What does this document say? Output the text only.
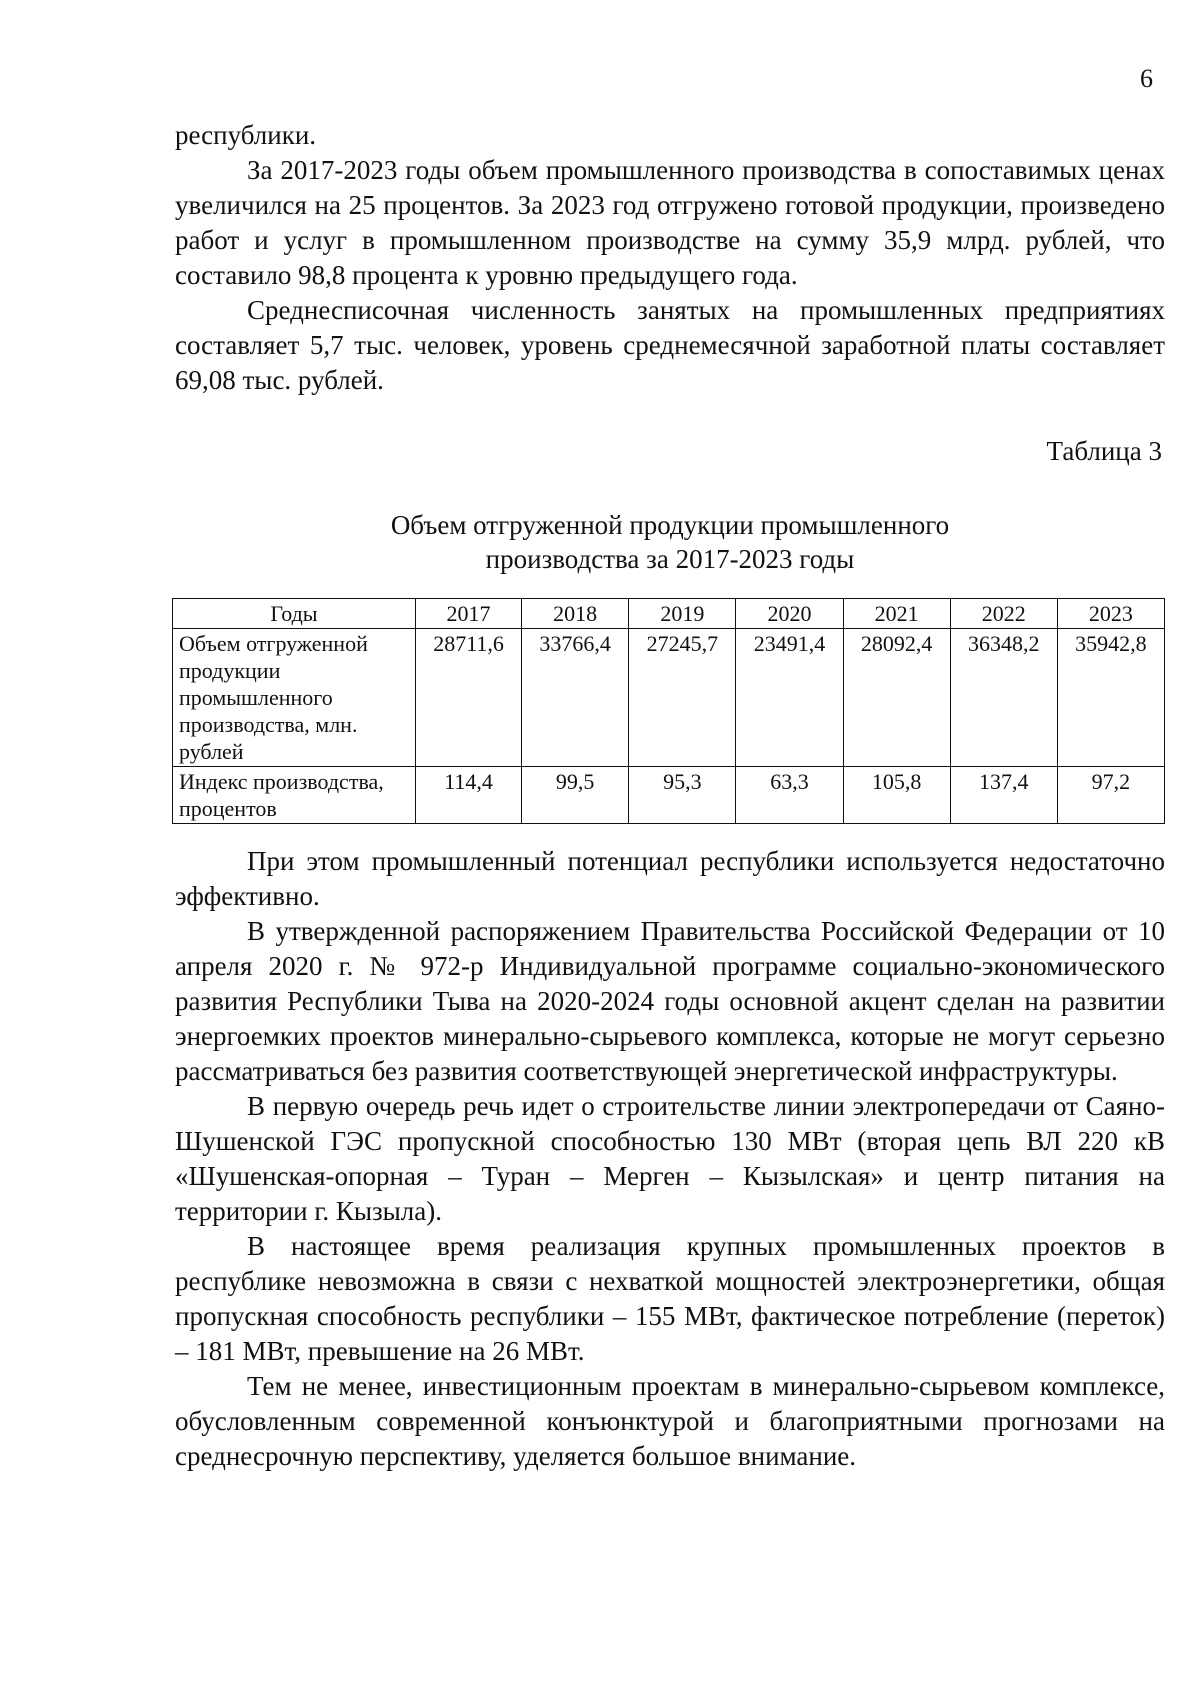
6

республики.

За 2017-2023 годы объем промышленного производства в сопоставимых ценах увеличился на 25 процентов. За 2023 год отгружено готовой продукции, произведено работ и услуг в промышленном производстве на сумму 35,9 млрд. рублей, что составило 98,8 процента к уровню предыдущего года.

Среднесписочная численность занятых на промышленных предприятиях составляет 5,7 тыс. человек, уровень среднемесячной заработной платы составляет 69,08 тыс. рублей.

Таблица 3
Объем отгруженной продукции промышленного
производства за 2017-2023 годы
Годы	2017	2018	2019	2020	2021	2022	2023
Объем отгруженной продукции промышленного производства, млн. рублей	28711,6	33766,4	27245,7	23491,4	28092,4	36348,2	35942,8
Индекс производства, процентов	114,4	99,5	95,3	63,3	105,8	137,4	97,2

При этом промышленный потенциал республики используется недостаточно эффективно.

В утвержденной распоряжением Правительства Российской Федерации от 10 апреля 2020 г. № 972-р Индивидуальной программе социально-экономического развития Республики Тыва на 2020-2024 годы основной акцент сделан на развитии энергоемких проектов минерально-сырьевого комплекса, которые не могут серьезно рассматриваться без развития соответствующей энергетической инфраструктуры.

В первую очередь речь идет о строительстве линии электропередачи от Саяно-Шушенской ГЭС пропускной способностью 130 МВт (вторая цепь ВЛ 220 кВ «Шушенская-опорная – Туран – Мерген – Кызылская» и центр питания на территории г. Кызыла).

В настоящее время реализация крупных промышленных проектов в республике невозможна в связи с нехваткой мощностей электроэнергетики, общая пропускная способность республики – 155 МВт, фактическое потребление (переток) – 181 МВт, превышение на 26 МВт.

Тем не менее, инвестиционным проектам в минерально-сырьевом комплексе, обусловленным современной конъюнктурой и благоприятными прогнозами на среднесрочную перспективу, уделяется большое внимание.
